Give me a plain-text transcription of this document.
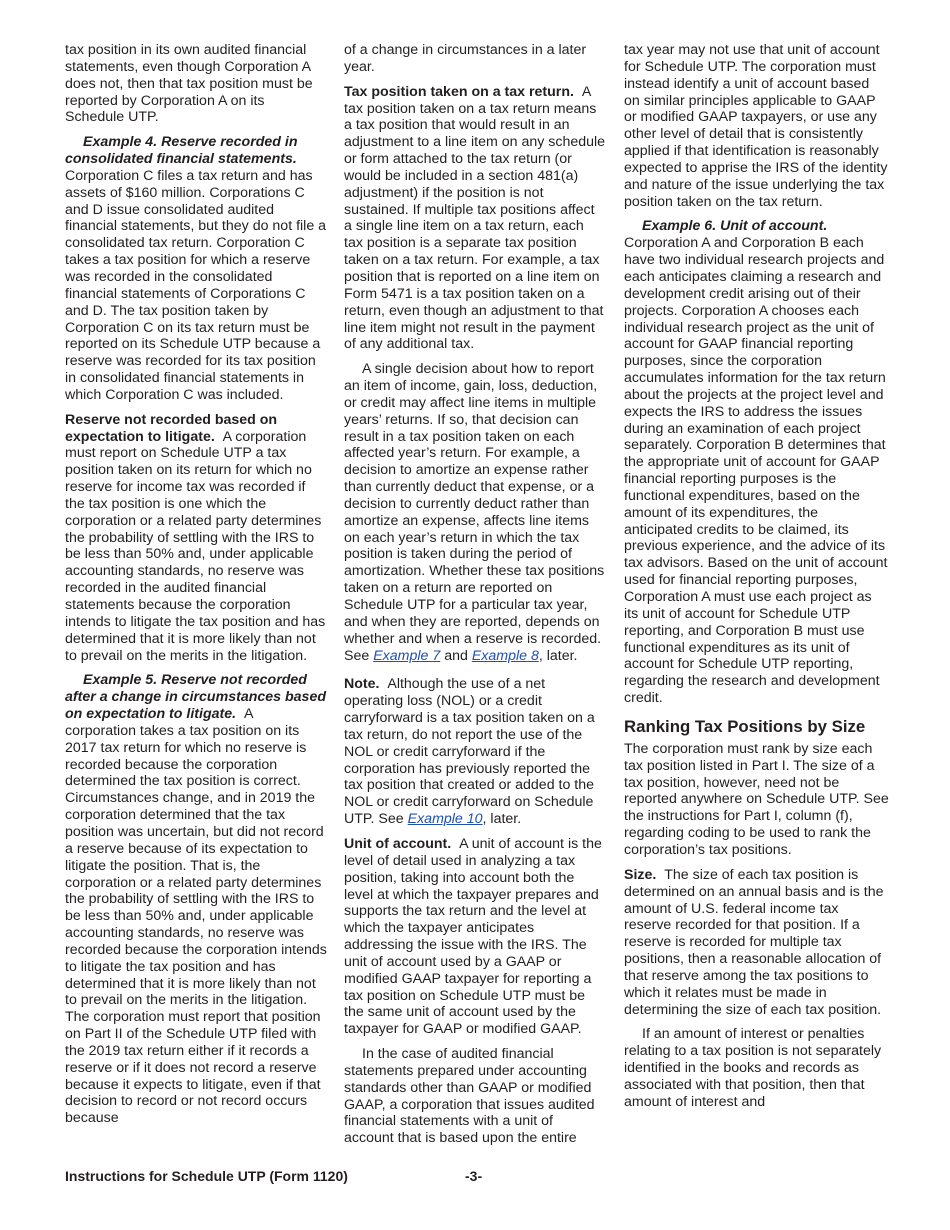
tax position in its own audited financial statements, even though Corporation A does not, then that tax position must be reported by Corporation A on its Schedule UTP.

Example 4. Reserve recorded in consolidated financial statements. Corporation C files a tax return and has assets of $160 million. Corporations C and D issue consolidated audited financial statements, but they do not file a consolidated tax return. Corporation C takes a tax position for which a reserve was recorded in the consolidated financial statements of Corporations C and D. The tax position taken by Corporation C on its tax return must be reported on its Schedule UTP because a reserve was recorded for its tax position in consolidated financial statements in which Corporation C was included.

Reserve not recorded based on expectation to litigate. A corporation must report on Schedule UTP a tax position taken on its return for which no reserve for income tax was recorded if the tax position is one which the corporation or a related party determines the probability of settling with the IRS to be less than 50% and, under applicable accounting standards, no reserve was recorded in the audited financial statements because the corporation intends to litigate the tax position and has determined that it is more likely than not to prevail on the merits in the litigation.

Example 5. Reserve not recorded after a change in circumstances based on expectation to litigate. A corporation takes a tax position on its 2017 tax return for which no reserve is recorded because the corporation determined the tax position is correct. Circumstances change, and in 2019 the corporation determined that the tax position was uncertain, but did not record a reserve because of its expectation to litigate the position. That is, the corporation or a related party determines the probability of settling with the IRS to be less than 50% and, under applicable accounting standards, no reserve was recorded because the corporation intends to litigate the tax position and has determined that it is more likely than not to prevail on the merits in the litigation. The corporation must report that position on Part II of the Schedule UTP filed with the 2019 tax return either if it records a reserve or if it does not record a reserve because it expects to litigate, even if that decision to record or not record occurs because

of a change in circumstances in a later year.

Tax position taken on a tax return. A tax position taken on a tax return means a tax position that would result in an adjustment to a line item on any schedule or form attached to the tax return (or would be included in a section 481(a) adjustment) if the position is not sustained. If multiple tax positions affect a single line item on a tax return, each tax position is a separate tax position taken on a tax return. For example, a tax position that is reported on a line item on Form 5471 is a tax position taken on a return, even though an adjustment to that line item might not result in the payment of any additional tax.

A single decision about how to report an item of income, gain, loss, deduction, or credit may affect line items in multiple years’ returns. If so, that decision can result in a tax position taken on each affected year’s return. For example, a decision to amortize an expense rather than currently deduct that expense, or a decision to currently deduct rather than amortize an expense, affects line items on each year’s return in which the tax position is taken during the period of amortization. Whether these tax positions taken on a return are reported on Schedule UTP for a particular tax year, and when they are reported, depends on whether and when a reserve is recorded. See Example 7 and Example 8, later.

Note. Although the use of a net operating loss (NOL) or a credit carryforward is a tax position taken on a tax return, do not report the use of the NOL or credit carryforward if the corporation has previously reported the tax position that created or added to the NOL or credit carryforward on Schedule UTP. See Example 10, later.

Unit of account. A unit of account is the level of detail used in analyzing a tax position, taking into account both the level at which the taxpayer prepares and supports the tax return and the level at which the taxpayer anticipates addressing the issue with the IRS. The unit of account used by a GAAP or modified GAAP taxpayer for reporting a tax position on Schedule UTP must be the same unit of account used by the taxpayer for GAAP or modified GAAP.

In the case of audited financial statements prepared under accounting standards other than GAAP or modified GAAP, a corporation that issues audited financial statements with a unit of account that is based upon the entire

tax year may not use that unit of account for Schedule UTP. The corporation must instead identify a unit of account based on similar principles applicable to GAAP or modified GAAP taxpayers, or use any other level of detail that is consistently applied if that identification is reasonably expected to apprise the IRS of the identity and nature of the issue underlying the tax position taken on the tax return.

Example 6. Unit of account. Corporation A and Corporation B each have two individual research projects and each anticipates claiming a research and development credit arising out of their projects. Corporation A chooses each individual research project as the unit of account for GAAP financial reporting purposes, since the corporation accumulates information for the tax return about the projects at the project level and expects the IRS to address the issues during an examination of each project separately. Corporation B determines that the appropriate unit of account for GAAP financial reporting purposes is the functional expenditures, based on the amount of its expenditures, the anticipated credits to be claimed, its previous experience, and the advice of its tax advisors. Based on the unit of account used for financial reporting purposes, Corporation A must use each project as its unit of account for Schedule UTP reporting, and Corporation B must use functional expenditures as its unit of account for Schedule UTP reporting, regarding the research and development credit.

Ranking Tax Positions by Size

The corporation must rank by size each tax position listed in Part I. The size of a tax position, however, need not be reported anywhere on Schedule UTP. See the instructions for Part I, column (f), regarding coding to be used to rank the corporation’s tax positions.

Size. The size of each tax position is determined on an annual basis and is the amount of U.S. federal income tax reserve recorded for that position. If a reserve is recorded for multiple tax positions, then a reasonable allocation of that reserve among the tax positions to which it relates must be made in determining the size of each tax position.

If an amount of interest or penalties relating to a tax position is not separately identified in the books and records as associated with that position, then that amount of interest and

Instructions for Schedule UTP (Form 1120)	-3-
